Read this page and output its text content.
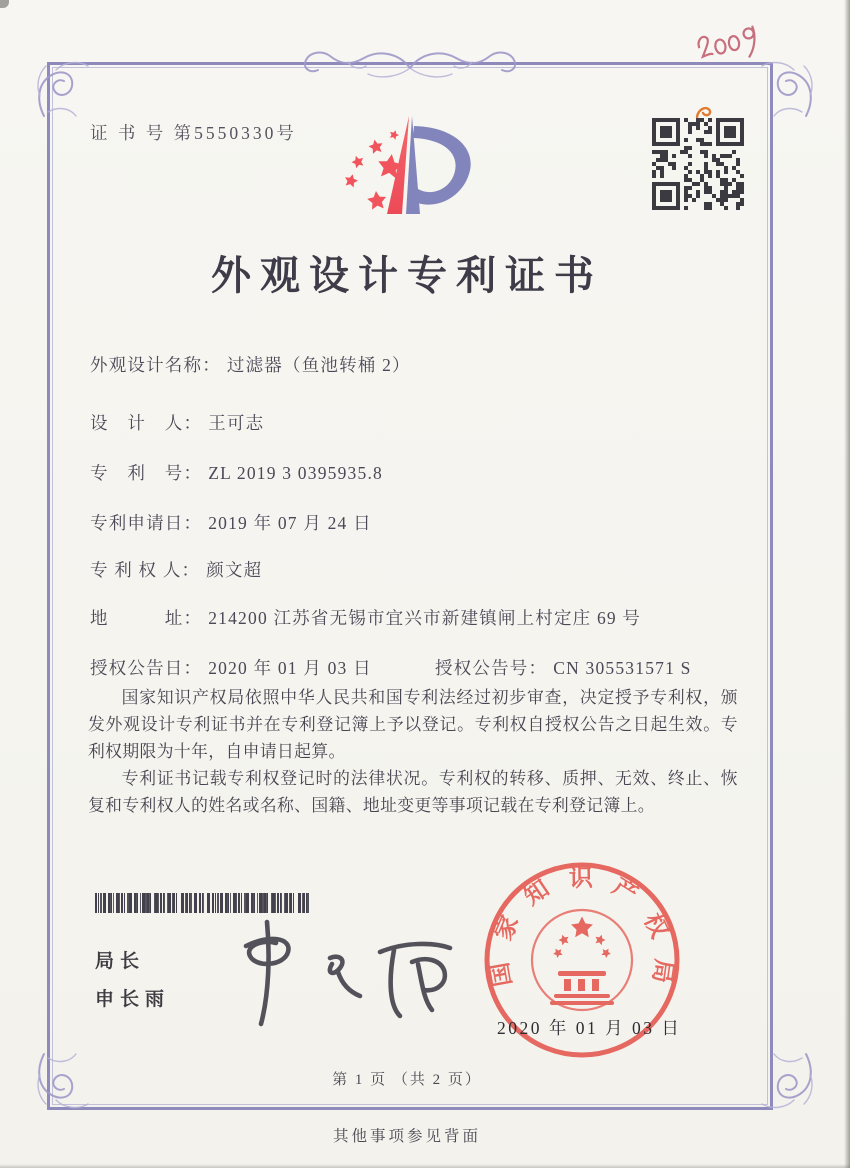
证 书 号 第5550330号
外观设计专利证书
外观设计名称： 过滤器（鱼池转桶 2）
设　计　人： 王可志
专　利　号： ZL 2019 3 0395935.8
专利申请日： 2019 年 07 月 24 日
专 利 权 人： 颜文超
地　　　址： 214200 江苏省无锡市宜兴市新建镇闸上村定庄 69 号
授权公告日： 2020 年 01 月 03 日	授权公告号： CN 305531571 S

国家知识产权局依照中华人民共和国专利法经过初步审查，决定授予专利权，颁发外观设计专利证书并在专利登记簿上予以登记。专利权自授权公告之日起生效。专利权期限为十年，自申请日起算。

专利证书记载专利权登记时的法律状况。专利权的转移、质押、无效、终止、恢复和专利权人的姓名或名称、国籍、地址变更等事项记载在专利登记簿上。

局长
申长雨
国
家
知 识 产
权
局
2020 年 01 月 03 日
第 1 页 （共 2 页）
其他事项参见背面
